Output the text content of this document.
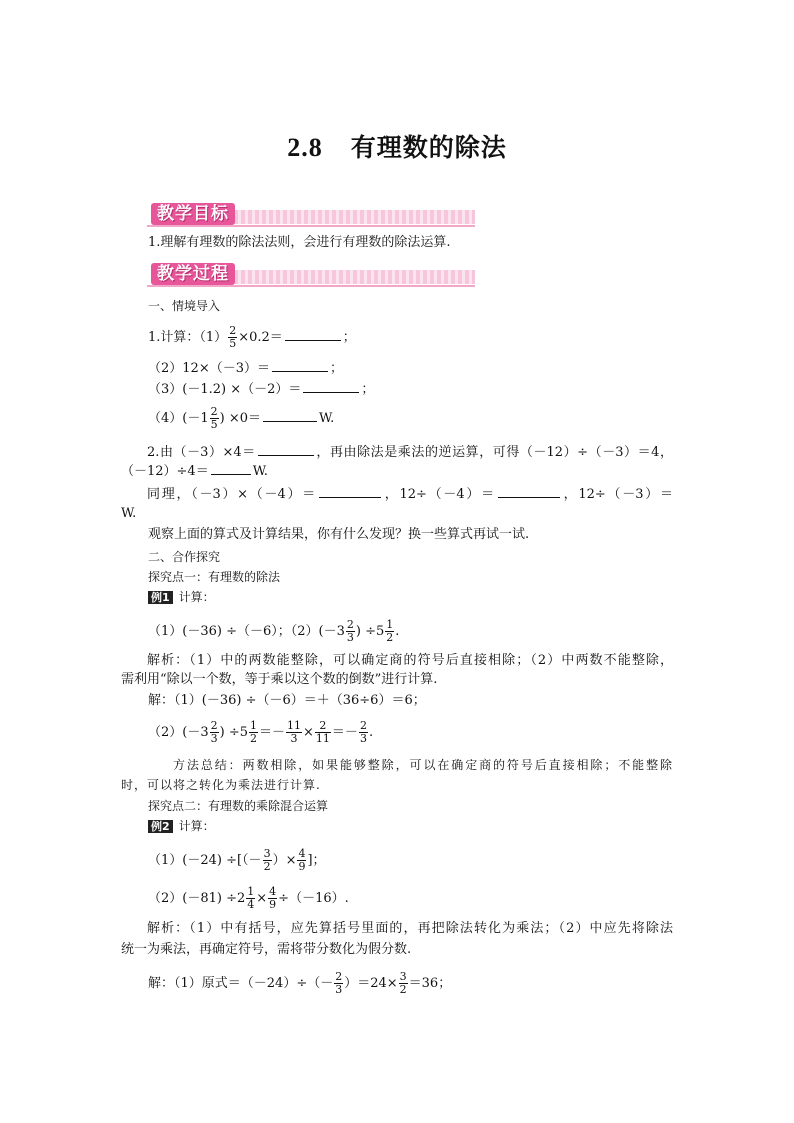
2.8 有理数的除法
教学目标
1.理解有理数的除法法则，会进行有理数的除法运算.
教学过程
一、情境导入
1.计算：$(1) \frac{2}{5} \times 0.2=$	；
（2）12×（－3）＝	；
（3）(－1.2) ×（－2）＝	；
$(4)(-1 \frac{2}{5}$ ) ×0＝	W.
2.由（－3）×4＝	，再由除法是乘法的逆运算，可得（－12）÷（－3）＝4，
（－12）÷4＝	W.
同理，（－3）×（－4）＝	，12÷（－4）＝	，12÷（－3）＝
W.
观察上面的算式及计算结果，你有什么发现？换一些算式再试一试.
二、合作探究
探究点一：有理数的除法
例1 计算：
（1）(－36) ÷（－6）；$(2)(-3 \frac{2}{3}$ ) $\div 5 \frac{1}{2}$ .
解析：（1）中的两数能整除，可以确定商的符号后直接相除；（2）中两数不能整除，
需利用“除以一个数，等于乘以这个数的倒数”进行计算.
解：（1）(－36) ÷（－6）＝＋（36÷6）＝6；
$(2)(-3 \frac{2}{3}$ ) $\div 5 \frac{1}{2} =- \frac{11}{3} \times \frac{2}{11} =- \frac{2}{3}$ .
方法总结：两数相除，如果能够整除，可以在确定商的符号后直接相除；不能整除
时，可以将之转化为乘法进行计算.
探究点二：有理数的乘除混合运算
例2 计算：
（1）(－24) ÷[（－ $\frac{3}{2}$ ）× $\frac{4}{9}$ ]；
$(2)(-81) \div 2 \frac{1}{4} \times \frac{4}{9} \div(-16)$.
解析：（1）中有括号，应先算括号里面的，再把除法转化为乘法；（2）中应先将除法
统一为乘法，再确定符号，需将带分数化为假分数.
解：（1）原式$=(-24)\div(- \frac{2}{3} )=24\times \frac{3}{2} =36$；
